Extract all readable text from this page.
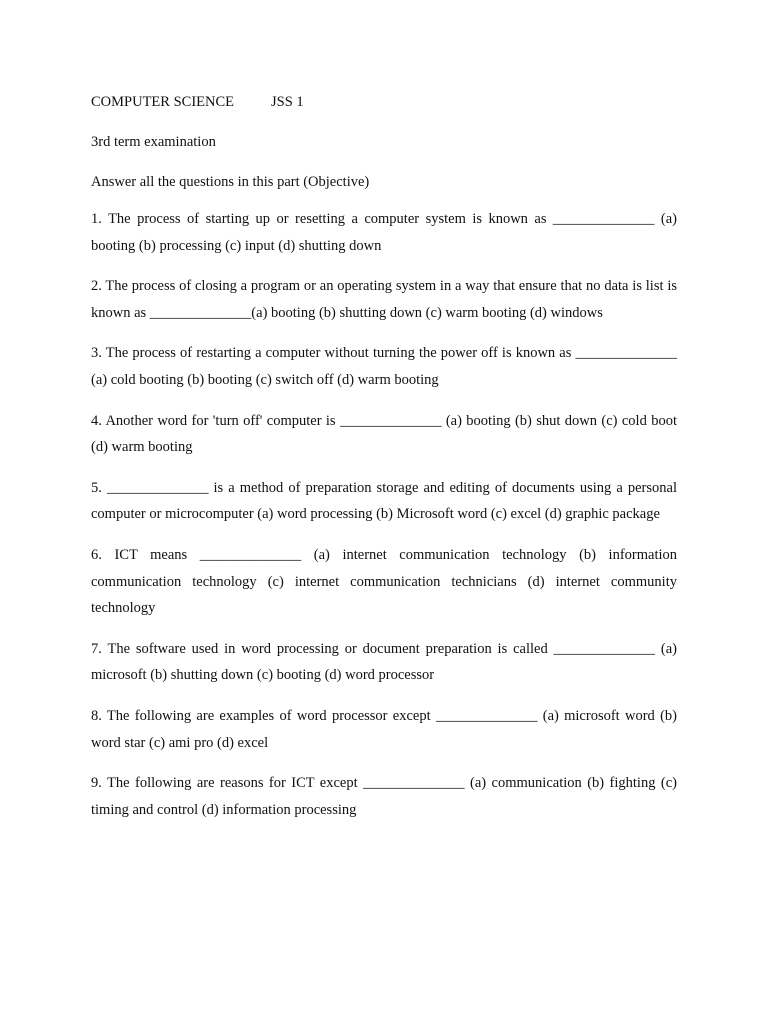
COMPUTER SCIENCE	JSS 1
3rd term examination
Answer all the questions in this part (Objective)
1. The process of starting up or resetting a computer system is known as ______________ (a) booting (b) processing (c) input (d) shutting down
2. The process of closing a program or an operating system in a way that ensure that no data is list is known as ______________(a) booting (b) shutting down (c) warm booting (d) windows
3. The process of restarting a computer without turning the power off is known as ______________ (a) cold booting (b) booting (c) switch off (d) warm booting
4. Another word for 'turn off' computer is ______________ (a) booting (b) shut down (c) cold boot (d) warm booting
5. ______________ is a method of preparation storage and editing of documents using a personal computer or microcomputer (a) word processing (b) Microsoft word (c) excel (d) graphic package
6. ICT means ______________ (a) internet communication technology (b) information communication technology (c) internet communication technicians (d) internet community technology
7. The software used in word processing or document preparation is called ______________ (a) microsoft (b) shutting down (c) booting (d) word processor
8. The following are examples of word processor except ______________ (a) microsoft word (b) word star (c) ami pro (d) excel
9. The following are reasons for ICT except ______________ (a) communication (b) fighting (c) timing and control (d) information processing
